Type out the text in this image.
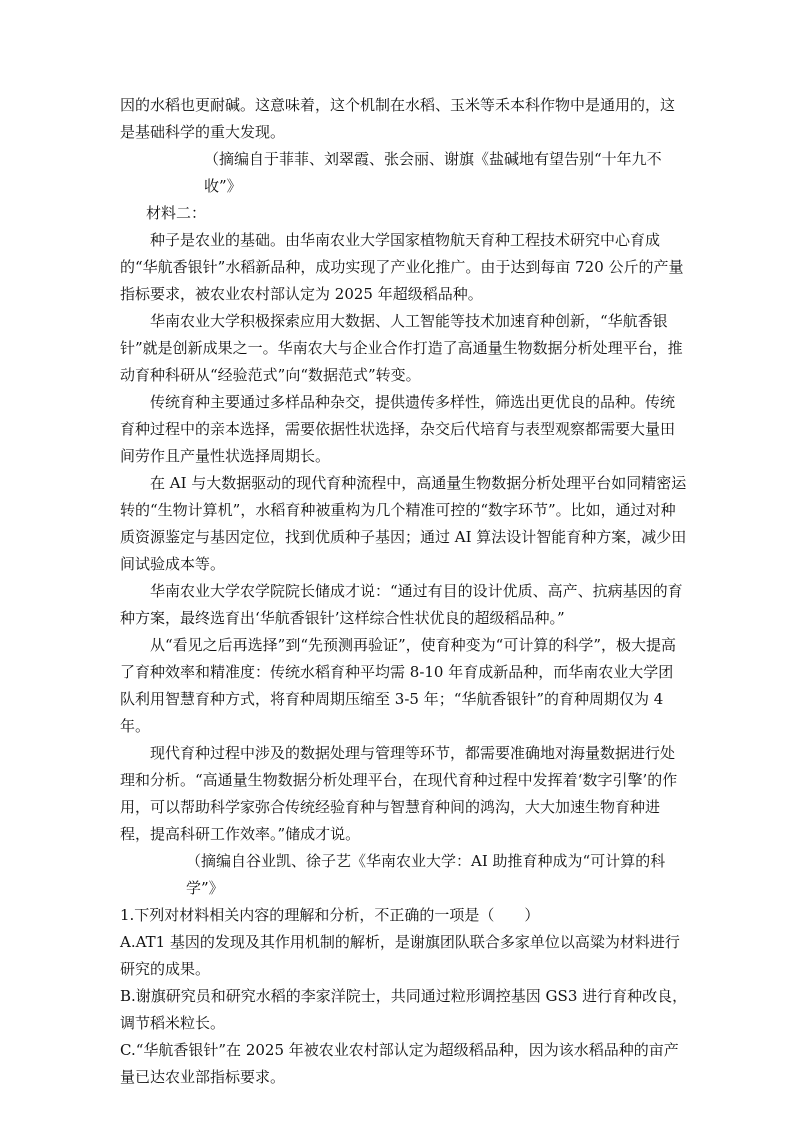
因的水稻也更耐碱。这意味着，这个机制在水稻、玉米等禾本科作物中是通用的，这是基础科学的重大发现。

（摘编自于菲菲、刘翠霞、张会丽、谢旗《盐碱地有望告别“十年九不收”》

材料二：

种子是农业的基础。由华南农业大学国家植物航天育种工程技术研究中心育成的“华航香银针”水稻新品种，成功实现了产业化推广。由于达到每亩 720 公斤的产量指标要求，被农业农村部认定为 2025 年超级稻品种。

华南农业大学积极探索应用大数据、人工智能等技术加速育种创新，“华航香银针”就是创新成果之一。华南农大与企业合作打造了高通量生物数据分析处理平台，推动育种科研从“经验范式”向“数据范式”转变。

传统育种主要通过多样品种杂交，提供遗传多样性，筛选出更优良的品种。传统育种过程中的亲本选择，需要依据性状选择，杂交后代培育与表型观察都需要大量田间劳作且产量性状选择周期长。

在 AI 与大数据驱动的现代育种流程中，高通量生物数据分析处理平台如同精密运转的“生物计算机”，水稻育种被重构为几个精准可控的“数字环节”。比如，通过对种质资源鉴定与基因定位，找到优质种子基因；通过 AI 算法设计智能育种方案，减少田间试验成本等。

华南农业大学农学院院长储成才说：“通过有目的设计优质、高产、抗病基因的育种方案，最终选育出‘华航香银针’这样综合性状优良的超级稻品种。”

从“看见之后再选择”到“先预测再验证”，使育种变为“可计算的科学”，极大提高了育种效率和精准度：传统水稻育种平均需 8-10 年育成新品种，而华南农业大学团队利用智慧育种方式，将育种周期压缩至 3-5 年；“华航香银针”的育种周期仅为 4 年。

现代育种过程中涉及的数据处理与管理等环节，都需要准确地对海量数据进行处理和分析。“高通量生物数据分析处理平台，在现代育种过程中发挥着‘数字引擎’的作用，可以帮助科学家弥合传统经验育种与智慧育种间的鸿沟，大大加速生物育种进程，提高科研工作效率。”储成才说。

（摘编自谷业凯、徐子艺《华南农业大学：AI 助推育种成为“可计算的科学”》

1.下列对材料相关内容的理解和分析，不正确的一项是（　　）

A.AT1 基因的发现及其作用机制的解析，是谢旗团队联合多家单位以高粱为材料进行研究的成果。

B.谢旗研究员和研究水稻的李家洋院士，共同通过粒形调控基因 GS3 进行育种改良，调节稻米粒长。

C.“华航香银针”在 2025 年被农业农村部认定为超级稻品种，因为该水稻品种的亩产量已达农业部指标要求。
